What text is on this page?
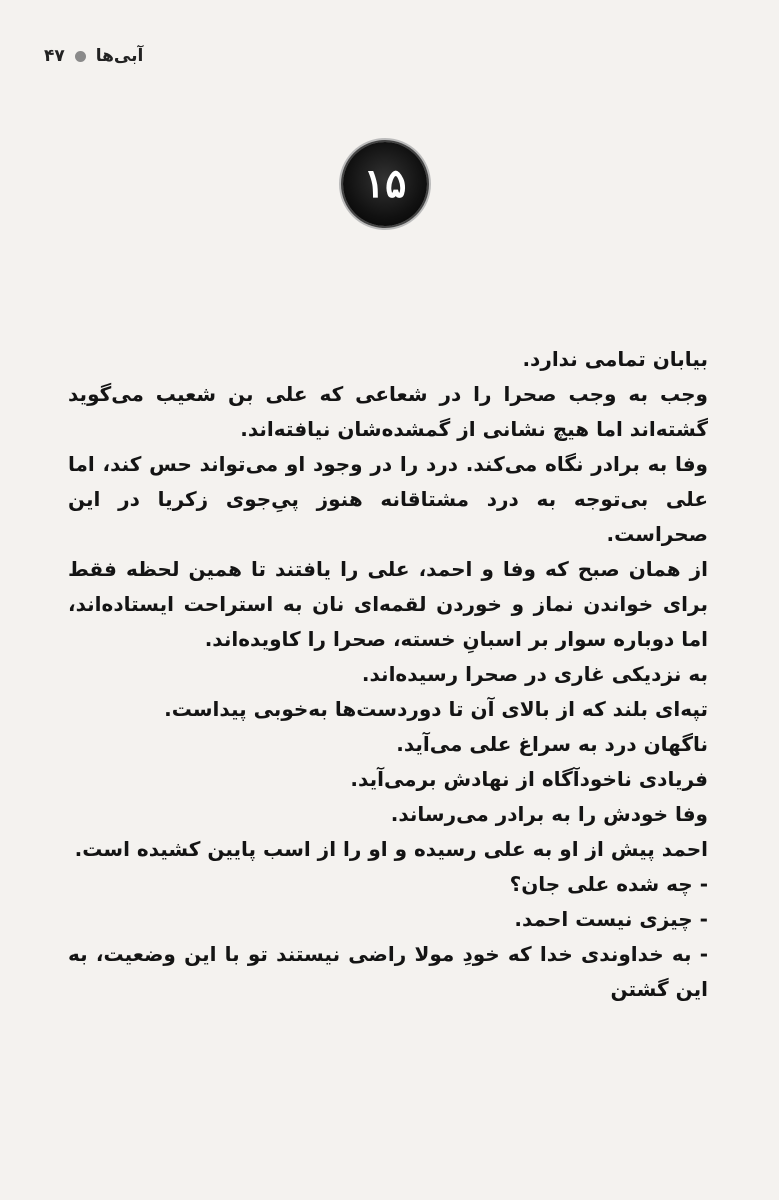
۴۷ آبی‌ها
۱۵

بیابان تمامی ندارد.

وجب به وجب صحرا را در شعاعی که علی بن شعیب می‌گوید گشته‌اند اما هیچ نشانی از گمشده‌شان نیافته‌اند.

وفا به برادر نگاه می‌کند. درد را در وجود او می‌تواند حس کند، اما علی بی‌توجه به درد مشتاقانه هنوز پیِ‌جوی زکریا در این صحراست.

از همان صبح که وفا و احمد، علی را یافتند تا همین لحظه فقط برای خواندن نماز و خوردن لقمه‌ای نان به استراحت ایستاده‌اند، اما دوباره سوار بر اسبانِ خسته، صحرا را کاویده‌اند.

به نزدیکی غاری در صحرا رسیده‌اند.

تپه‌ای بلند که از بالای آن تا دوردست‌ها به‌خوبی پیداست.

ناگهان درد به سراغ علی می‌آید.

فریادی ناخودآگاه از نهادش برمی‌آید.

وفا خودش را به برادر می‌رساند.

احمد پیش از او به علی رسیده و او را از اسب پایین کشیده است.

- چه شده علی جان؟

- چیزی نیست احمد.

- به خداوندی خدا که خودِ مولا راضی نیستند تو با این وضعیت، به این گشتن
